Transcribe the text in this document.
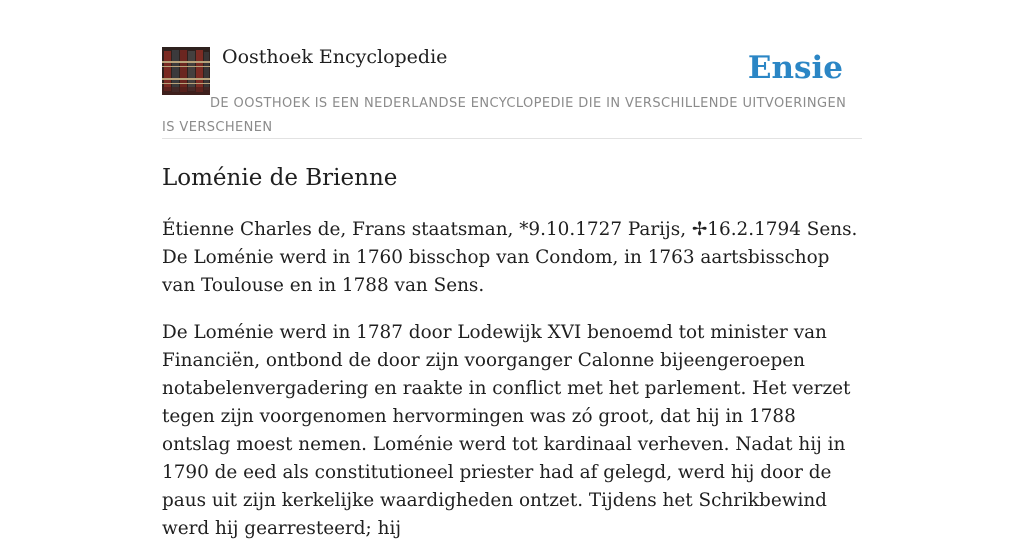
Oosthoek Encyclopedie	Ensie
DE OOSTHOEK IS EEN NEDERLANDSE ENCYCLOPEDIE DIE IN VERSCHILLENDE UITVOERINGEN IS VERSCHENEN
Loménie de Brienne

Étienne Charles de, Frans staatsman, *9.10.1727 Parijs, ✢16.2.1794 Sens. De Loménie werd in 1760 bisschop van Condom, in 1763 aartsbisschop van Toulouse en in 1788 van Sens.

De Loménie werd in 1787 door Lodewijk XVI benoemd tot minister van Financiën, ontbond de door zijn voorganger Calonne bijeengeroepen notabelenvergadering en raakte in conflict met het parlement. Het verzet tegen zijn voorgenomen hervormingen was zó groot, dat hij in 1788 ontslag moest nemen. Loménie werd tot kardinaal verheven. Nadat hij in 1790 de eed als constitutioneel priester had af gelegd, werd hij door de paus uit zijn kerkelijke waardigheden ontzet. Tijdens het Schrikbewind werd hij gearresteerd; hij
